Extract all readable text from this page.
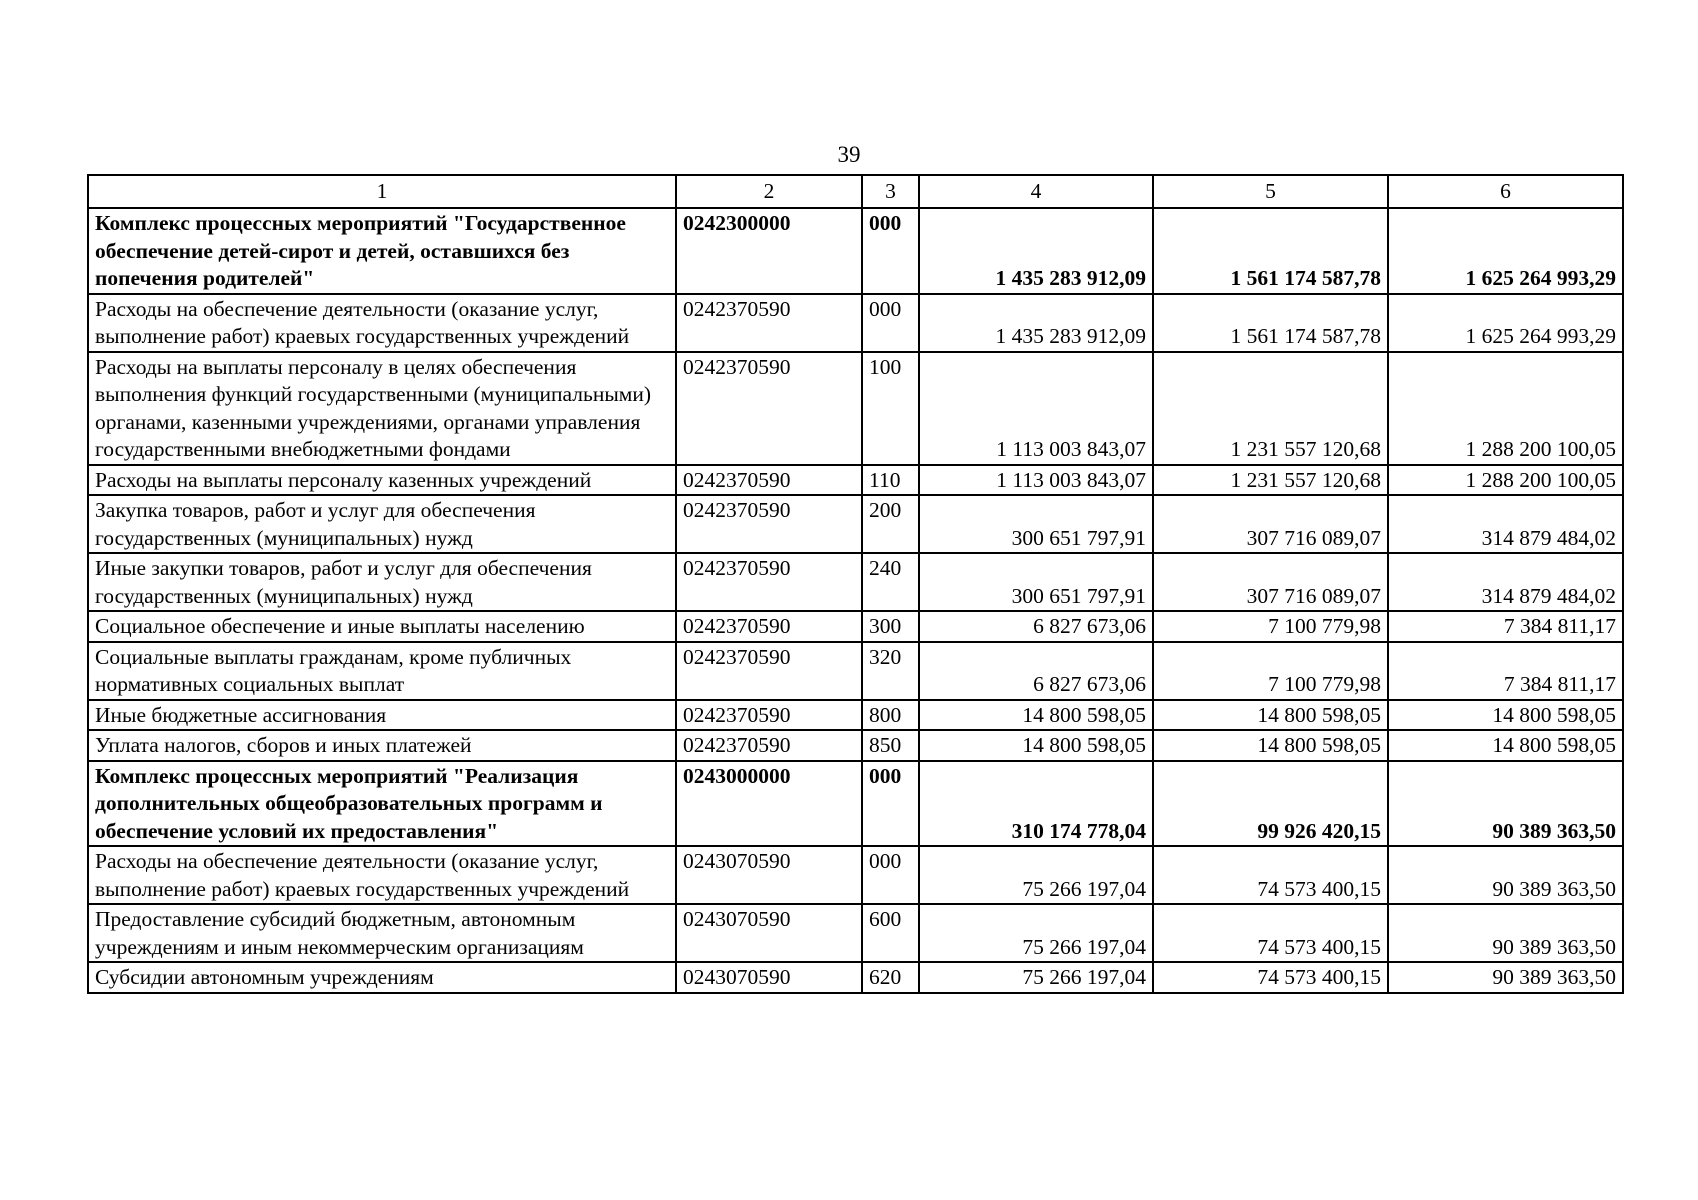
39
1	2	3	4	5	6
Комплекс процессных мероприятий "Государственное обеспечение детей-сирот и детей, оставшихся без попечения родителей"	0242300000	000	1 435 283 912,09	1 561 174 587,78	1 625 264 993,29
Расходы на обеспечение деятельности (оказание услуг, выполнение работ) краевых государственных учреждений	0242370590	000	1 435 283 912,09	1 561 174 587,78	1 625 264 993,29
Расходы на выплаты персоналу в целях обеспечения выполнения функций государственными (муниципальными) органами, казенными учреждениями, органами управления государственными внебюджетными фондами	0242370590	100	1 113 003 843,07	1 231 557 120,68	1 288 200 100,05
Расходы на выплаты персоналу казенных учреждений	0242370590	110	1 113 003 843,07	1 231 557 120,68	1 288 200 100,05
Закупка товаров, работ и услуг для обеспечения государственных (муниципальных) нужд	0242370590	200	300 651 797,91	307 716 089,07	314 879 484,02
Иные закупки товаров, работ и услуг для обеспечения государственных (муниципальных) нужд	0242370590	240	300 651 797,91	307 716 089,07	314 879 484,02
Социальное обеспечение и иные выплаты населению	0242370590	300	6 827 673,06	7 100 779,98	7 384 811,17
Социальные выплаты гражданам, кроме публичных нормативных социальных выплат	0242370590	320	6 827 673,06	7 100 779,98	7 384 811,17
Иные бюджетные ассигнования	0242370590	800	14 800 598,05	14 800 598,05	14 800 598,05
Уплата налогов, сборов и иных платежей	0242370590	850	14 800 598,05	14 800 598,05	14 800 598,05
Комплекс процессных мероприятий "Реализация дополнительных общеобразовательных программ и обеспечение условий их предоставления"	0243000000	000	310 174 778,04	99 926 420,15	90 389 363,50
Расходы на обеспечение деятельности (оказание услуг, выполнение работ) краевых государственных учреждений	0243070590	000	75 266 197,04	74 573 400,15	90 389 363,50
Предоставление субсидий бюджетным, автономным учреждениям и иным некоммерческим организациям	0243070590	600	75 266 197,04	74 573 400,15	90 389 363,50
Субсидии автономным учреждениям	0243070590	620	75 266 197,04	74 573 400,15	90 389 363,50
